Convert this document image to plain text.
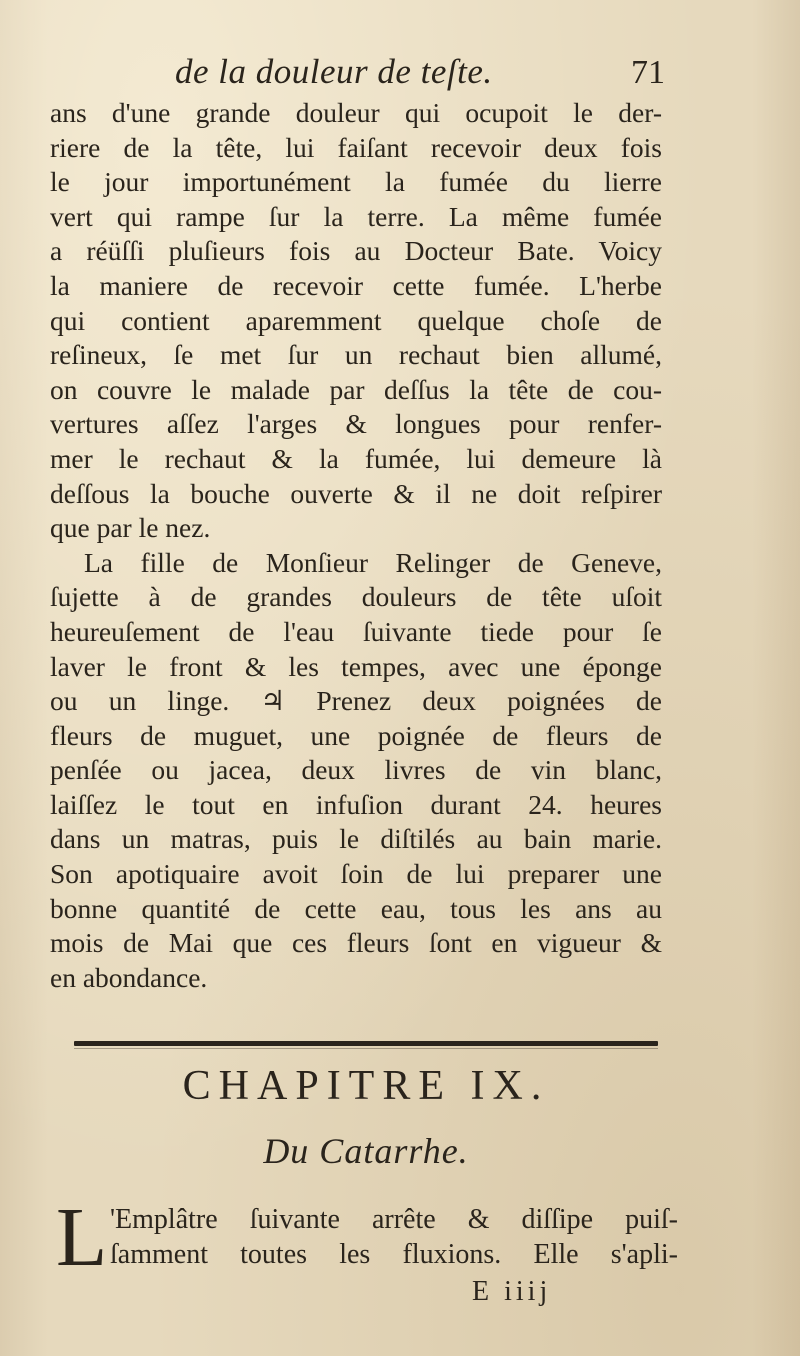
de la douleur de teſte.	71
ans d'une grande douleur qui ocupoit le der-
riere de la tête, lui faiſant recevoir deux fois
le jour importunément la fumée du lierre
vert qui rampe ſur la terre. La même fumée
a réüſſi pluſieurs fois au Docteur Bate. Voicy
la maniere de recevoir cette fumée. L'herbe
qui contient aparemment quelque choſe de
reſineux, ſe met ſur un rechaut bien allumé,
on couvre le malade par deſſus la tête de cou-
vertures aſſez l'arges & longues pour renfer-
mer le rechaut & la fumée, lui demeure là
deſſous la bouche ouverte & il ne doit reſpirer
que par le nez.
La fille de Monſieur Relinger de Geneve,
ſujette à de grandes douleurs de tête uſoit
heureuſement de l'eau ſuivante tiede pour ſe
laver le front & les tempes, avec une éponge
ou un linge. ♃ Prenez deux poignées de
fleurs de muguet, une poignée de fleurs de
penſée ou jacea, deux livres de vin blanc,
laiſſez le tout en infuſion durant 24. heures
dans un matras, puis le diſtilés au bain marie.
Son apotiquaire avoit ſoin de lui preparer une
bonne quantité de cette eau, tous les ans au
mois de Mai que ces fleurs ſont en vigueur &
en abondance.
CHAPITRE IX.
Du Catarrhe.
L 'Emplâtre ſuivante arrête & diſſipe puiſ-
ſamment toutes les fluxions. Elle s'apli-
E iiij
